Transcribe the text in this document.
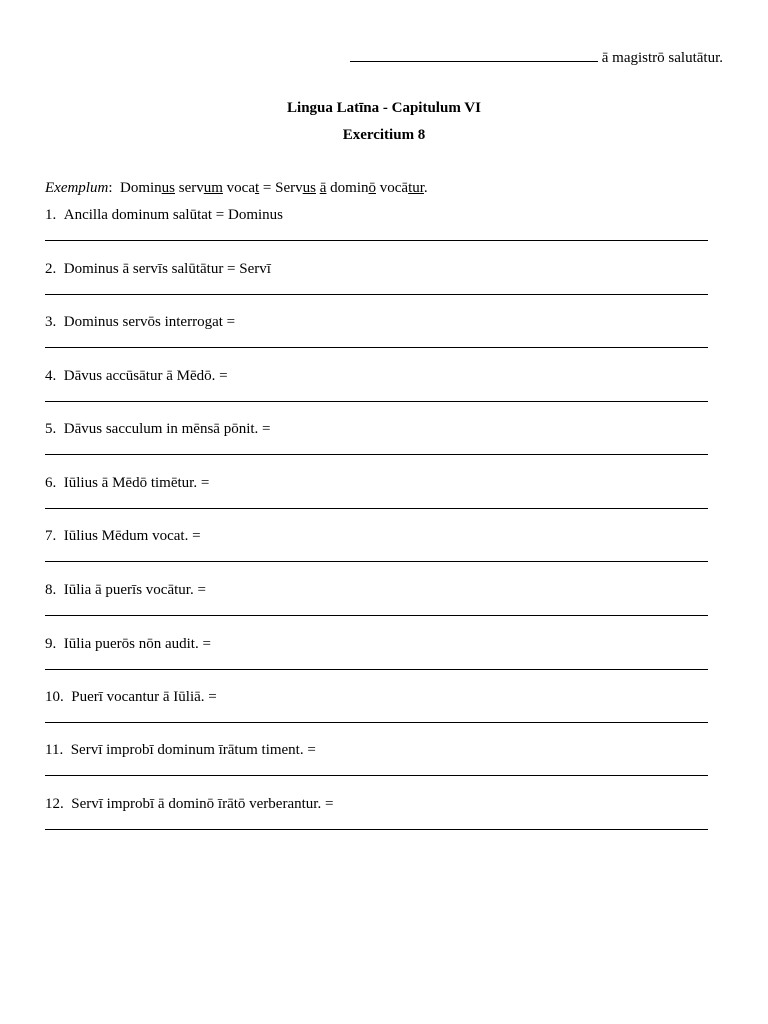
ā magistrō salutātur.
Lingua Latīna - Capitulum VI
Exercitium 8
Exemplum: Dominus servum vocat = Servus ā dominō vocātur.
1. Ancilla dominum salūtat = Dominus
2. Dominus ā servīs salūtātur = Servī
3. Dominus servōs interrogat =
4. Dāvus accūsātur ā Mēdō. =
5. Dāvus sacculum in mēnsā pōnit. =
6. Iūlius ā Mēdō timētur. =
7. Iūlius Mēdum vocat. =
8. Iūlia ā puerīs vocātur. =
9. Iūlia puerōs nōn audit. =
10. Puerī vocantur ā Iūliā. =
11. Servī improbī dominum īrātum timent. =
12. Servī improbī ā dominō īrātō verberantur. =
